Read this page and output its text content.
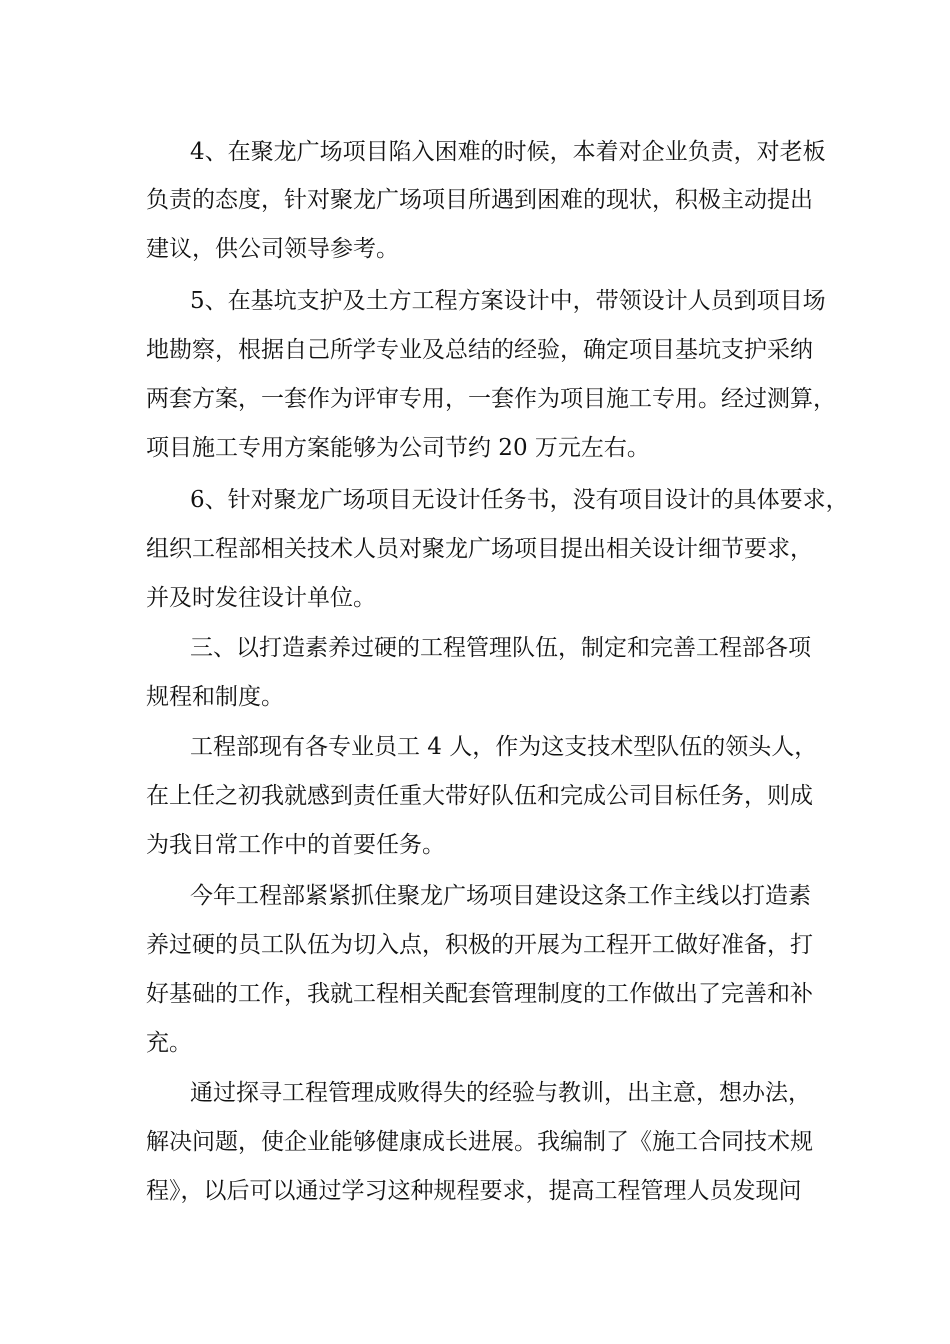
4、在聚龙广场项目陷入困难的时候，本着对企业负责，对老板

负责的态度，针对聚龙广场项目所遇到困难的现状，积极主动提出

建议，供公司领导参考。

5、在基坑支护及土方工程方案设计中，带领设计人员到项目场

地勘察，根据自己所学专业及总结的经验，确定项目基坑支护采纳

两套方案，一套作为评审专用，一套作为项目施工专用。经过测算，

项目施工专用方案能够为公司节约 20 万元左右。

6、针对聚龙广场项目无设计任务书，没有项目设计的具体要求，

组织工程部相关技术人员对聚龙广场项目提出相关设计细节要求，

并及时发往设计单位。

三、以打造素养过硬的工程管理队伍，制定和完善工程部各项

规程和制度。

工程部现有各专业员工 4 人，作为这支技术型队伍的领头人，

在上任之初我就感到责任重大带好队伍和完成公司目标任务，则成

为我日常工作中的首要任务。

今年工程部紧紧抓住聚龙广场项目建设这条工作主线以打造素

养过硬的员工队伍为切入点，积极的开展为工程开工做好准备，打

好基础的工作，我就工程相关配套管理制度的工作做出了完善和补

充。

通过探寻工程管理成败得失的经验与教训，出主意，想办法，

解决问题，使企业能够健康成长进展。我编制了《施工合同技术规

程》，以后可以通过学习这种规程要求，提高工程管理人员发现问
